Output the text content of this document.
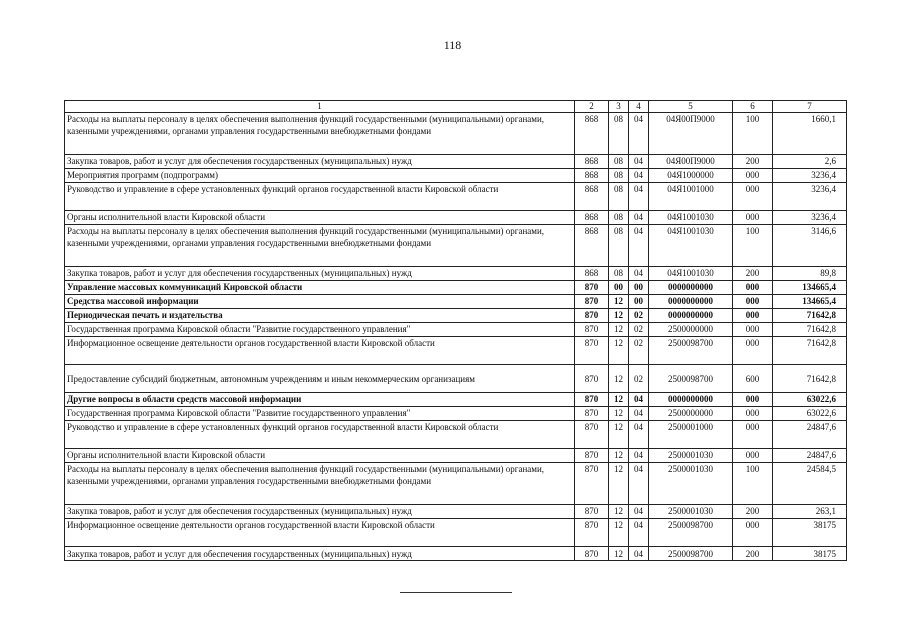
118
1	2	3	4	5	6	7
Расходы на выплаты персоналу в целях обеспечения выполнения функций государственными (муниципальными) органами, казенными учреждениями, органами управления государственными внебюджетными фондами	868	08	04	04Я00П9000	100	1660,1
Закупка товаров, работ и услуг для обеспечения государственных (муниципальных) нужд	868	08	04	04Я00П9000	200	2,6
Мероприятия программ (подпрограмм)	868	08	04	04Я1000000	000	3236,4
Руководство и управление в сфере установленных функций органов государственной власти Кировской области	868	08	04	04Я1001000	000	3236,4
Органы исполнительной власти Кировской области	868	08	04	04Я1001030	000	3236,4
Расходы на выплаты персоналу в целях обеспечения выполнения функций государственными (муниципальными) органами, казенными учреждениями, органами управления государственными внебюджетными фондами	868	08	04	04Я1001030	100	3146,6
Закупка товаров, работ и услуг для обеспечения государственных (муниципальных) нужд	868	08	04	04Я1001030	200	89,8
Управление массовых коммуникаций Кировской области	870	00	00	0000000000	000	134665,4
Средства массовой информации	870	12	00	0000000000	000	134665,4
Периодическая печать и издательства	870	12	02	0000000000	000	71642,8
Государственная программа Кировской области "Развитие государственного управления"	870	12	02	2500000000	000	71642,8
Информационное освещение деятельности органов государственной власти Кировской области	870	12	02	2500098700	000	71642,8
Предоставление субсидий бюджетным, автономным учреждениям и иным некоммерческим организациям	870	12	02	2500098700	600	71642,8
Другие вопросы в области средств массовой информации	870	12	04	0000000000	000	63022,6
Государственная программа Кировской области "Развитие государственного управления"	870	12	04	2500000000	000	63022,6
Руководство и управление в сфере установленных функций органов государственной власти Кировской области	870	12	04	2500001000	000	24847,6
Органы исполнительной власти Кировской области	870	12	04	2500001030	000	24847,6
Расходы на выплаты персоналу в целях обеспечения выполнения функций государственными (муниципальными) органами, казенными учреждениями, органами управления государственными внебюджетными фондами	870	12	04	2500001030	100	24584,5
Закупка товаров, работ и услуг для обеспечения государственных (муниципальных) нужд	870	12	04	2500001030	200	263,1
Информационное освещение деятельности органов государственной власти Кировской области	870	12	04	2500098700	000	38175
Закупка товаров, работ и услуг для обеспечения государственных (муниципальных) нужд	870	12	04	2500098700	200	38175
